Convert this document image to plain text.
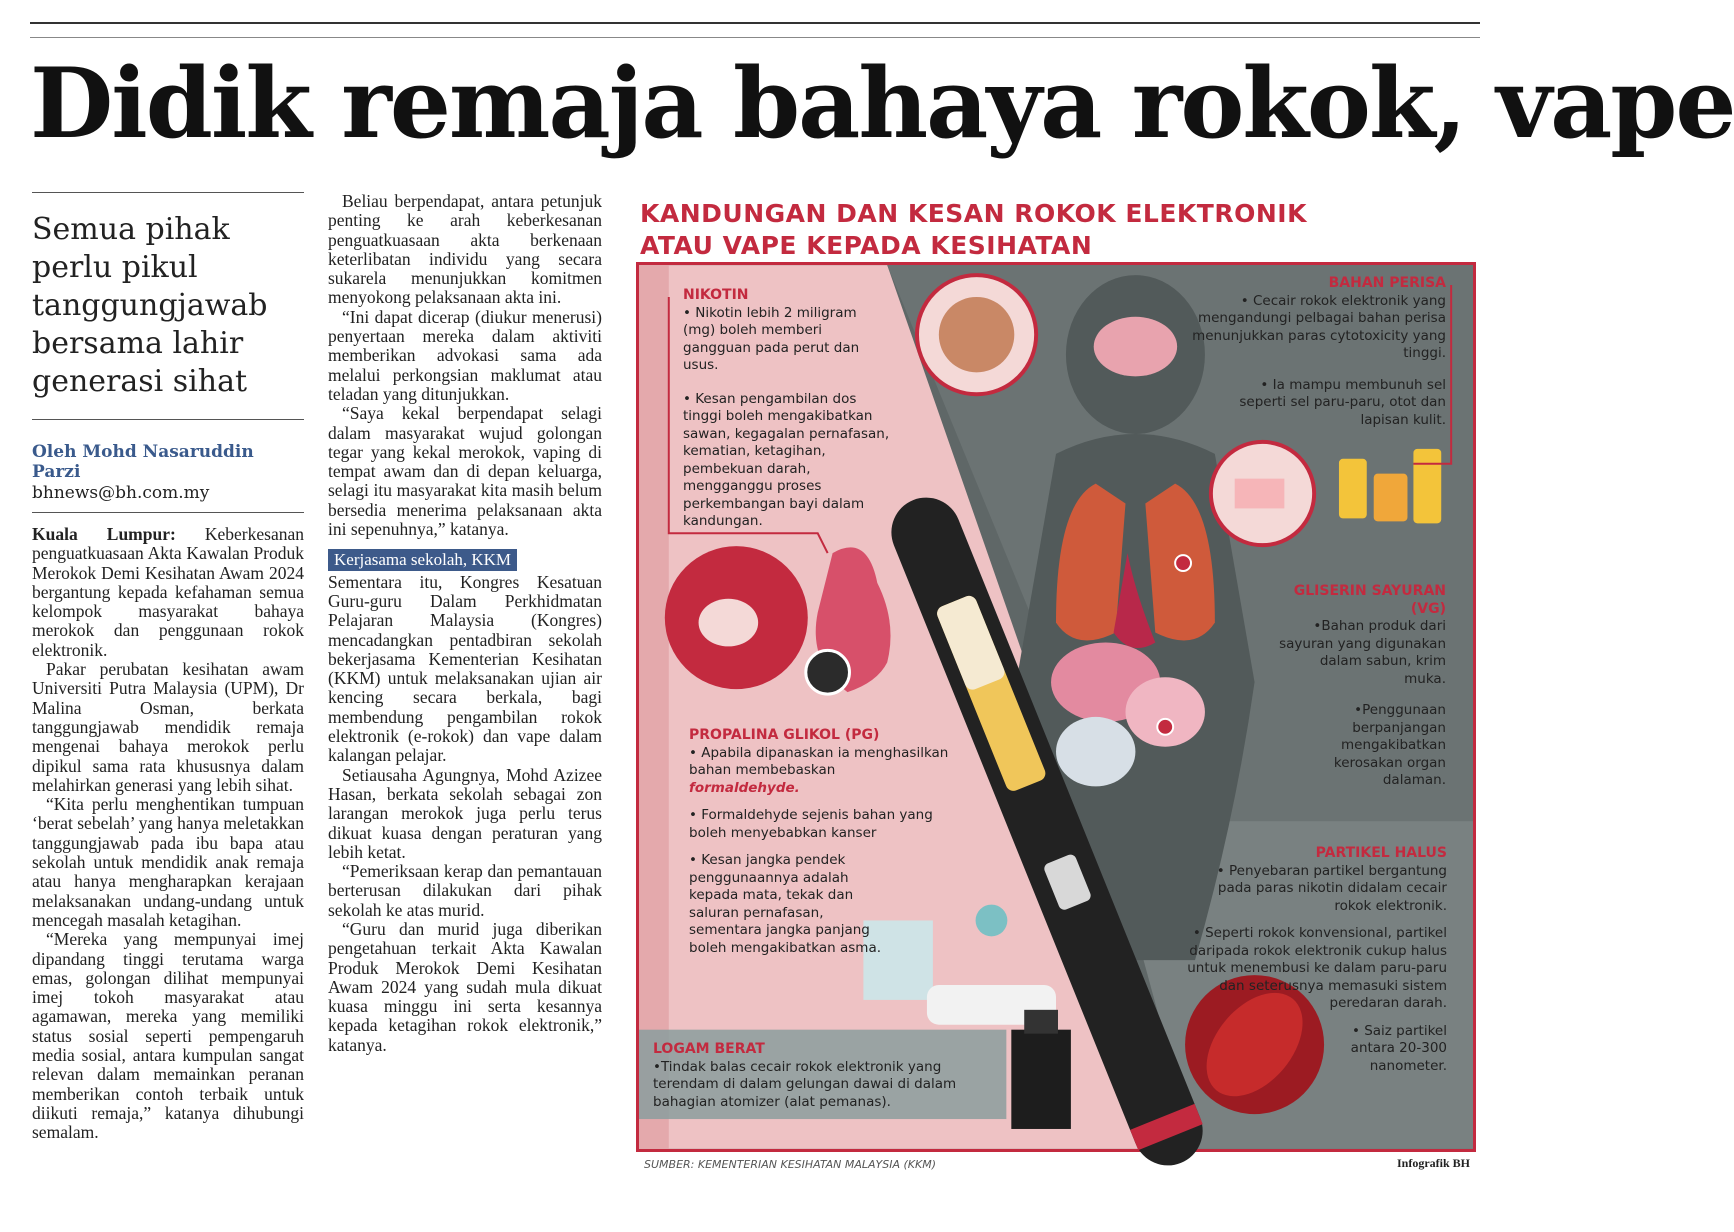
Didik remaja bahaya rokok, vape
Semua pihak perlu pikul tanggungjawab bersama lahir generasi sihat
Oleh Mohd Nasaruddin Parzi
bhnews@bh.com.my

Kuala Lumpur: Keberkesanan penguatkuasaan Akta Kawalan Produk Merokok Demi Kesihatan Awam 2024 bergantung kepada kefahaman semua kelompok masyarakat bahaya merokok dan penggunaan rokok elektronik.

Pakar perubatan kesihatan awam Universiti Putra Malaysia (UPM), Dr Malina Osman, berkata tanggungjawab mendidik remaja mengenai bahaya merokok perlu dipikul sama rata khususnya dalam melahirkan generasi yang lebih sihat.

“Kita perlu menghentikan tumpuan ‘berat sebelah’ yang hanya meletakkan tanggungjawab pada ibu bapa atau sekolah untuk mendidik anak remaja atau hanya mengharapkan kerajaan melaksanakan undang-undang untuk mencegah masalah ketagihan.

“Mereka yang mempunyai imej dipandang tinggi terutama warga emas, golongan dilihat mempunyai imej tokoh masyarakat atau agamawan, mereka yang memiliki status sosial seperti pempengaruh media sosial, antara kumpulan sangat relevan dalam memainkan peranan memberikan contoh terbaik untuk diikuti remaja,” katanya dihubungi semalam.

Beliau berpendapat, antara petunjuk penting ke arah keberkesanan penguatkuasaan akta berkenaan keterlibatan individu yang secara sukarela menunjukkan komitmen menyokong pelaksanaan akta ini.

“Ini dapat dicerap (diukur menerusi) penyertaan mereka dalam aktiviti memberikan advokasi sama ada melalui perkongsian maklumat atau teladan yang ditunjukkan.

“Saya kekal berpendapat selagi dalam masyarakat wujud golongan tegar yang kekal merokok, vaping di tempat awam dan di depan keluarga, selagi itu masyarakat kita masih belum bersedia menerima pelaksanaan akta ini sepenuhnya,” katanya.

Kerjasama sekolah, KKM

Sementara itu, Kongres Kesatuan Guru-guru Dalam Perkhidmatan Pelajaran Malaysia (Kongres) mencadangkan pentadbiran sekolah bekerjasama Kementerian Kesihatan (KKM) untuk melaksanakan ujian air kencing secara berkala, bagi membendung pengambilan rokok elektronik (e-rokok) dan vape dalam kalangan pelajar.

Setiausaha Agungnya, Mohd Azizee Hasan, berkata sekolah sebagai zon larangan merokok juga perlu terus dikuat kuasa dengan peraturan yang lebih ketat.

“Pemeriksaan kerap dan pemantauan berterusan dilakukan dari pihak sekolah ke atas murid.

“Guru dan murid juga diberikan pengetahuan terkait Akta Kawalan Produk Merokok Demi Kesihatan Awam 2024 yang sudah mula dikuat kuasa minggu ini serta kesannya kepada ketagihan rokok elektronik,” katanya.

KANDUNGAN DAN KESAN ROKOK ELEKTRONIK
ATAU VAPE KEPADA KESIHATAN
NIKOTIN

• Nikotin lebih 2 miligram (mg) boleh memberi gangguan pada perut dan usus.

• Kesan pengambilan dos tinggi boleh mengakibatkan sawan, kegagalan pernafasan, kematian, ketagihan, pembekuan darah, mengganggu proses perkembangan bayi dalam kandungan.

BAHAN PERISA

• Cecair rokok elektronik yang mengandungi pelbagai bahan perisa menunjukkan paras cytotoxicity yang tinggi.

• Ia mampu membunuh sel seperti sel paru-paru, otot dan lapisan kulit.

GLISERIN SAYURAN (VG)

•Bahan produk dari sayuran yang digunakan dalam sabun, krim muka.

•Penggunaan berpanjangan mengakibatkan kerosakan organ dalaman.

PROPALINA GLIKOL (PG)

• Apabila dipanaskan ia menghasilkan bahan membebaskan formaldehyde.

• Formaldehyde sejenis bahan yang boleh menyebabkan kanser

• Kesan jangka pendek penggunaannya adalah kepada mata, tekak dan saluran pernafasan, sementara jangka panjang boleh mengakibatkan asma.

PARTIKEL HALUS

• Penyebaran partikel bergantung pada paras nikotin didalam cecair rokok elektronik.

• Seperti rokok konvensional, partikel daripada rokok elektronik cukup halus untuk menembusi ke dalam paru-paru dan seterusnya memasuki sistem peredaran darah.

• Saiz partikel antara 20-300 nanometer.

LOGAM BERAT

•Tindak balas cecair rokok elektronik yang terendam di dalam gelungan dawai di dalam bahagian atomizer (alat pemanas).

SUMBER: KEMENTERIAN KESIHATAN MALAYSIA (KKM)	Infografik BH
